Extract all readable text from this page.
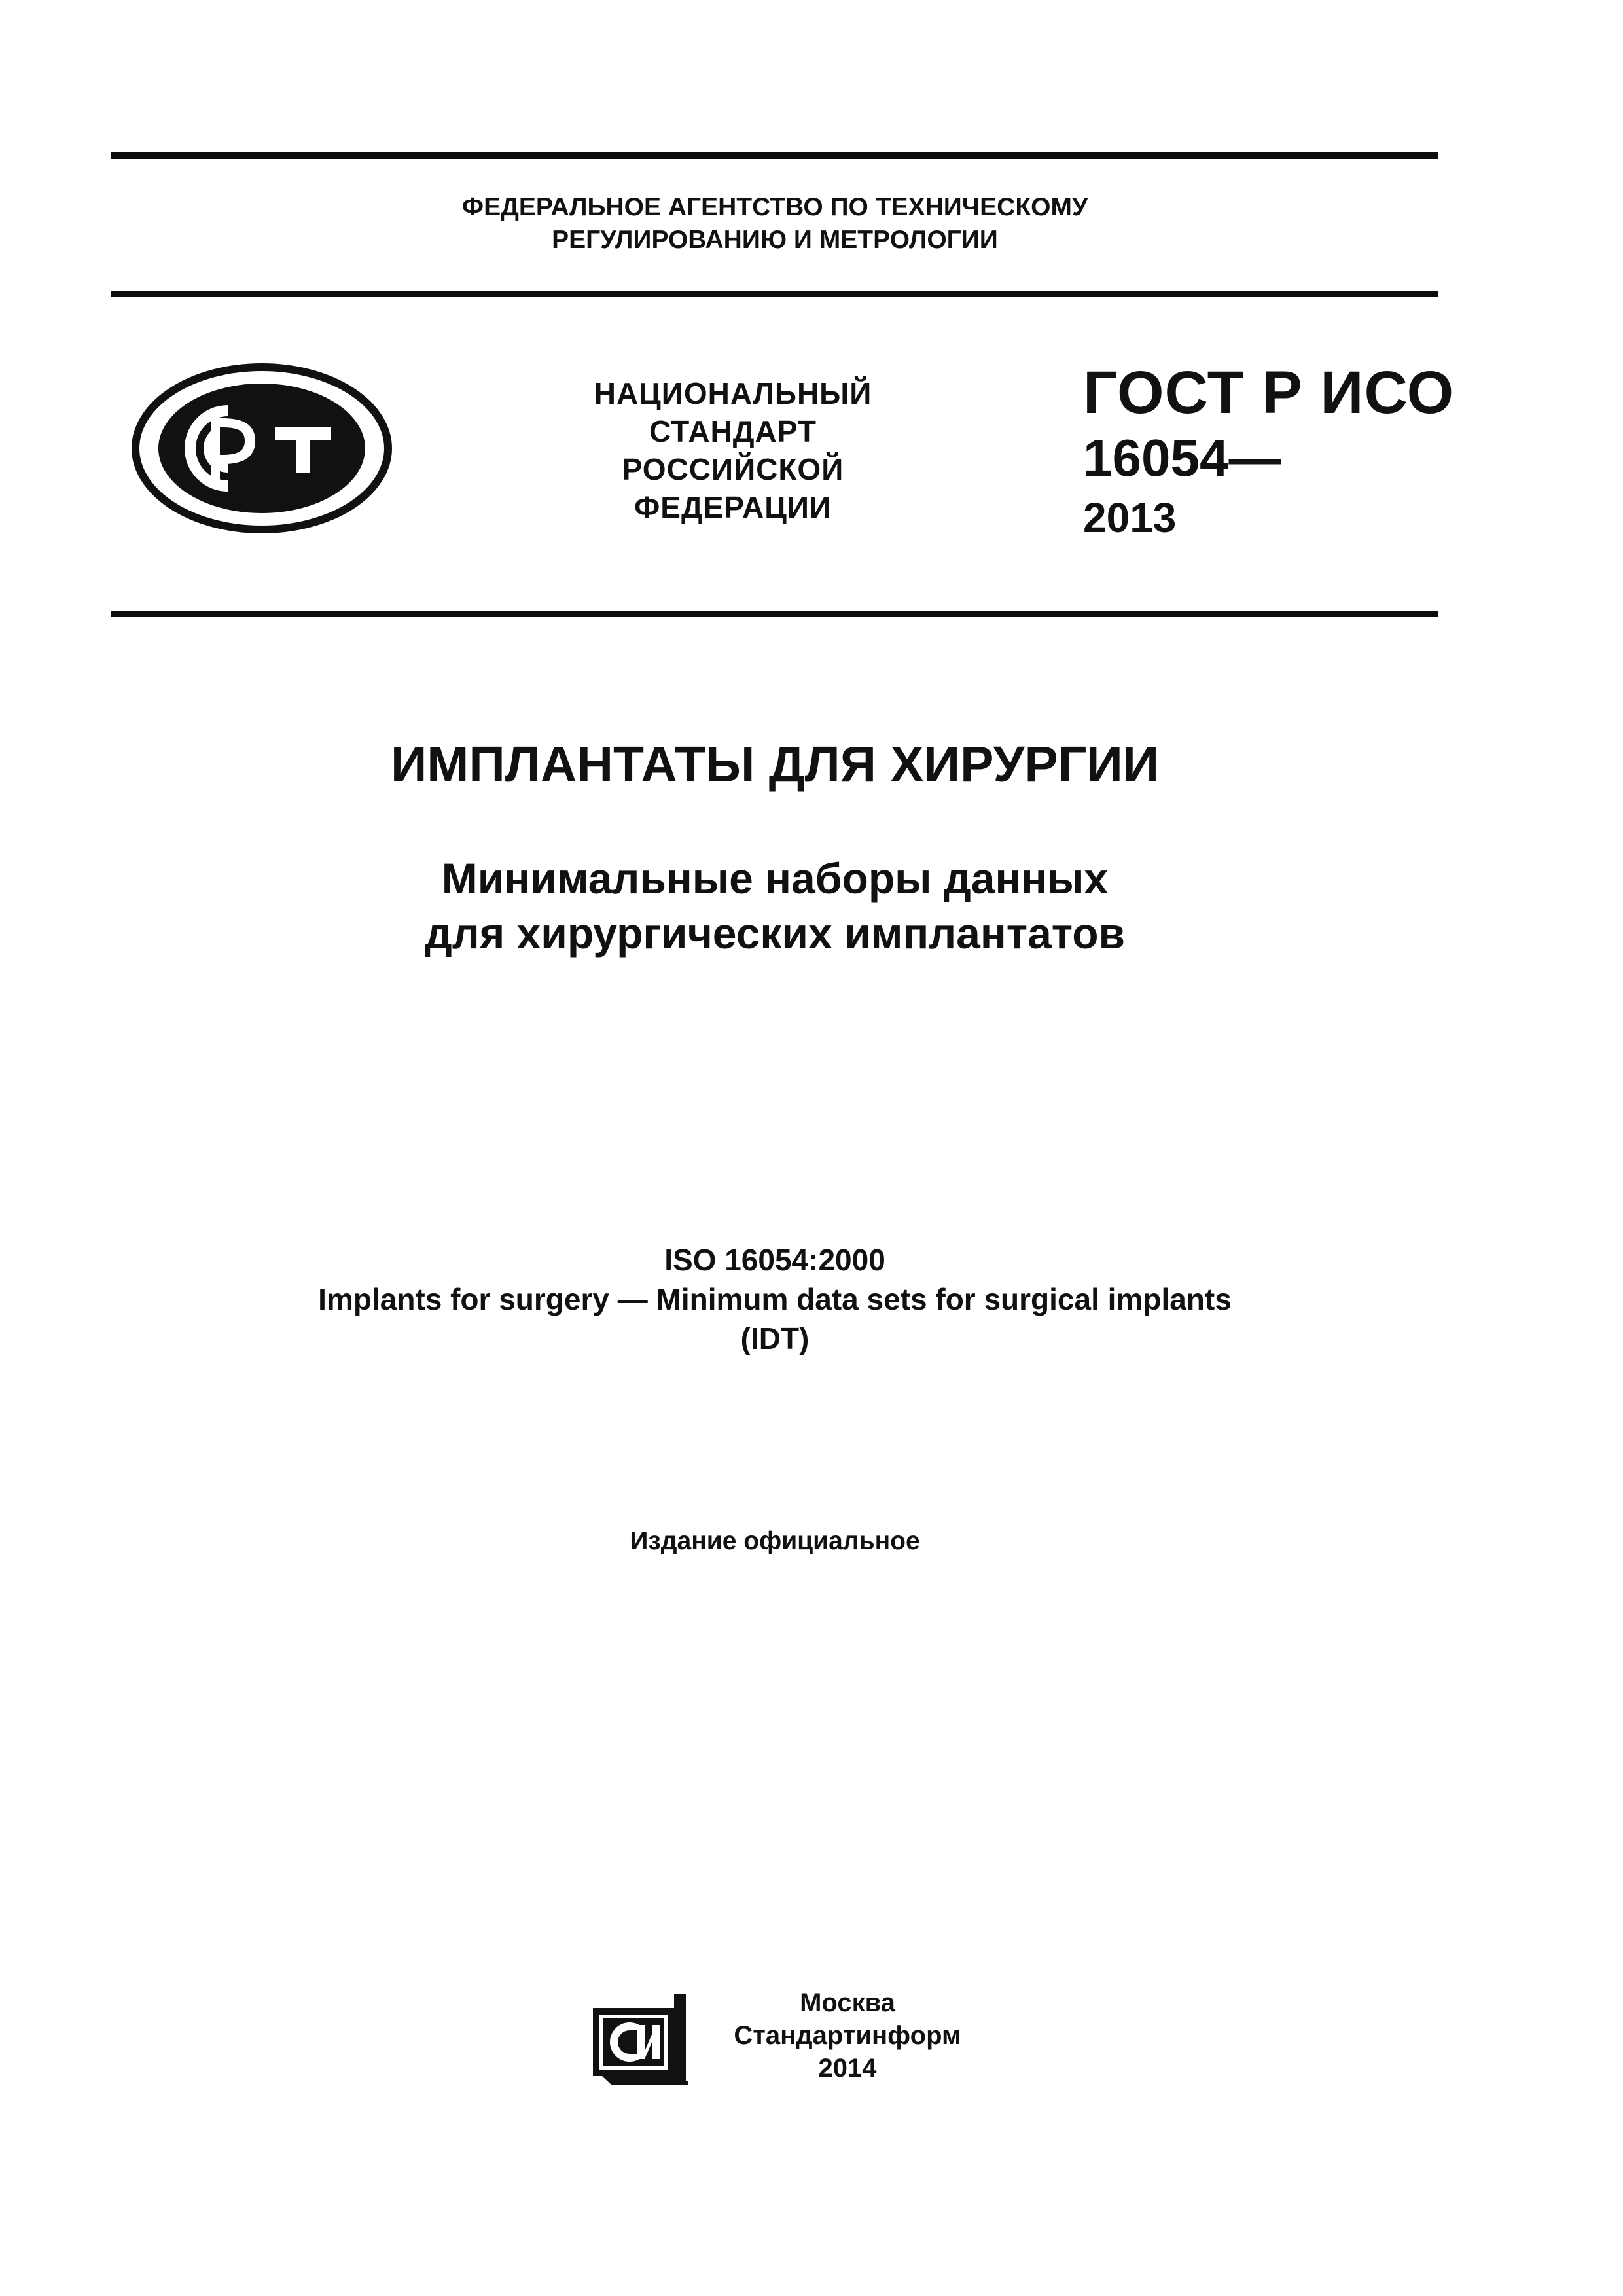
ФЕДЕРАЛЬНОЕ АГЕНТСТВО ПО ТЕХНИЧЕСКОМУ
РЕГУЛИРОВАНИЮ И МЕТРОЛОГИИ
НАЦИОНАЛЬНЫЙ
СТАНДАРТ
РОССИЙСКОЙ
ФЕДЕРАЦИИ
ГОСТ Р ИСО
16054—
2013
ИМПЛАНТАТЫ ДЛЯ ХИРУРГИИ
Минимальные наборы данных
для хирургических имплантатов
ISO 16054:2000
Implants for surgery — Minimum data sets for surgical implants
(IDT)
Издание официальное
Москва
Стандартинформ
2014
